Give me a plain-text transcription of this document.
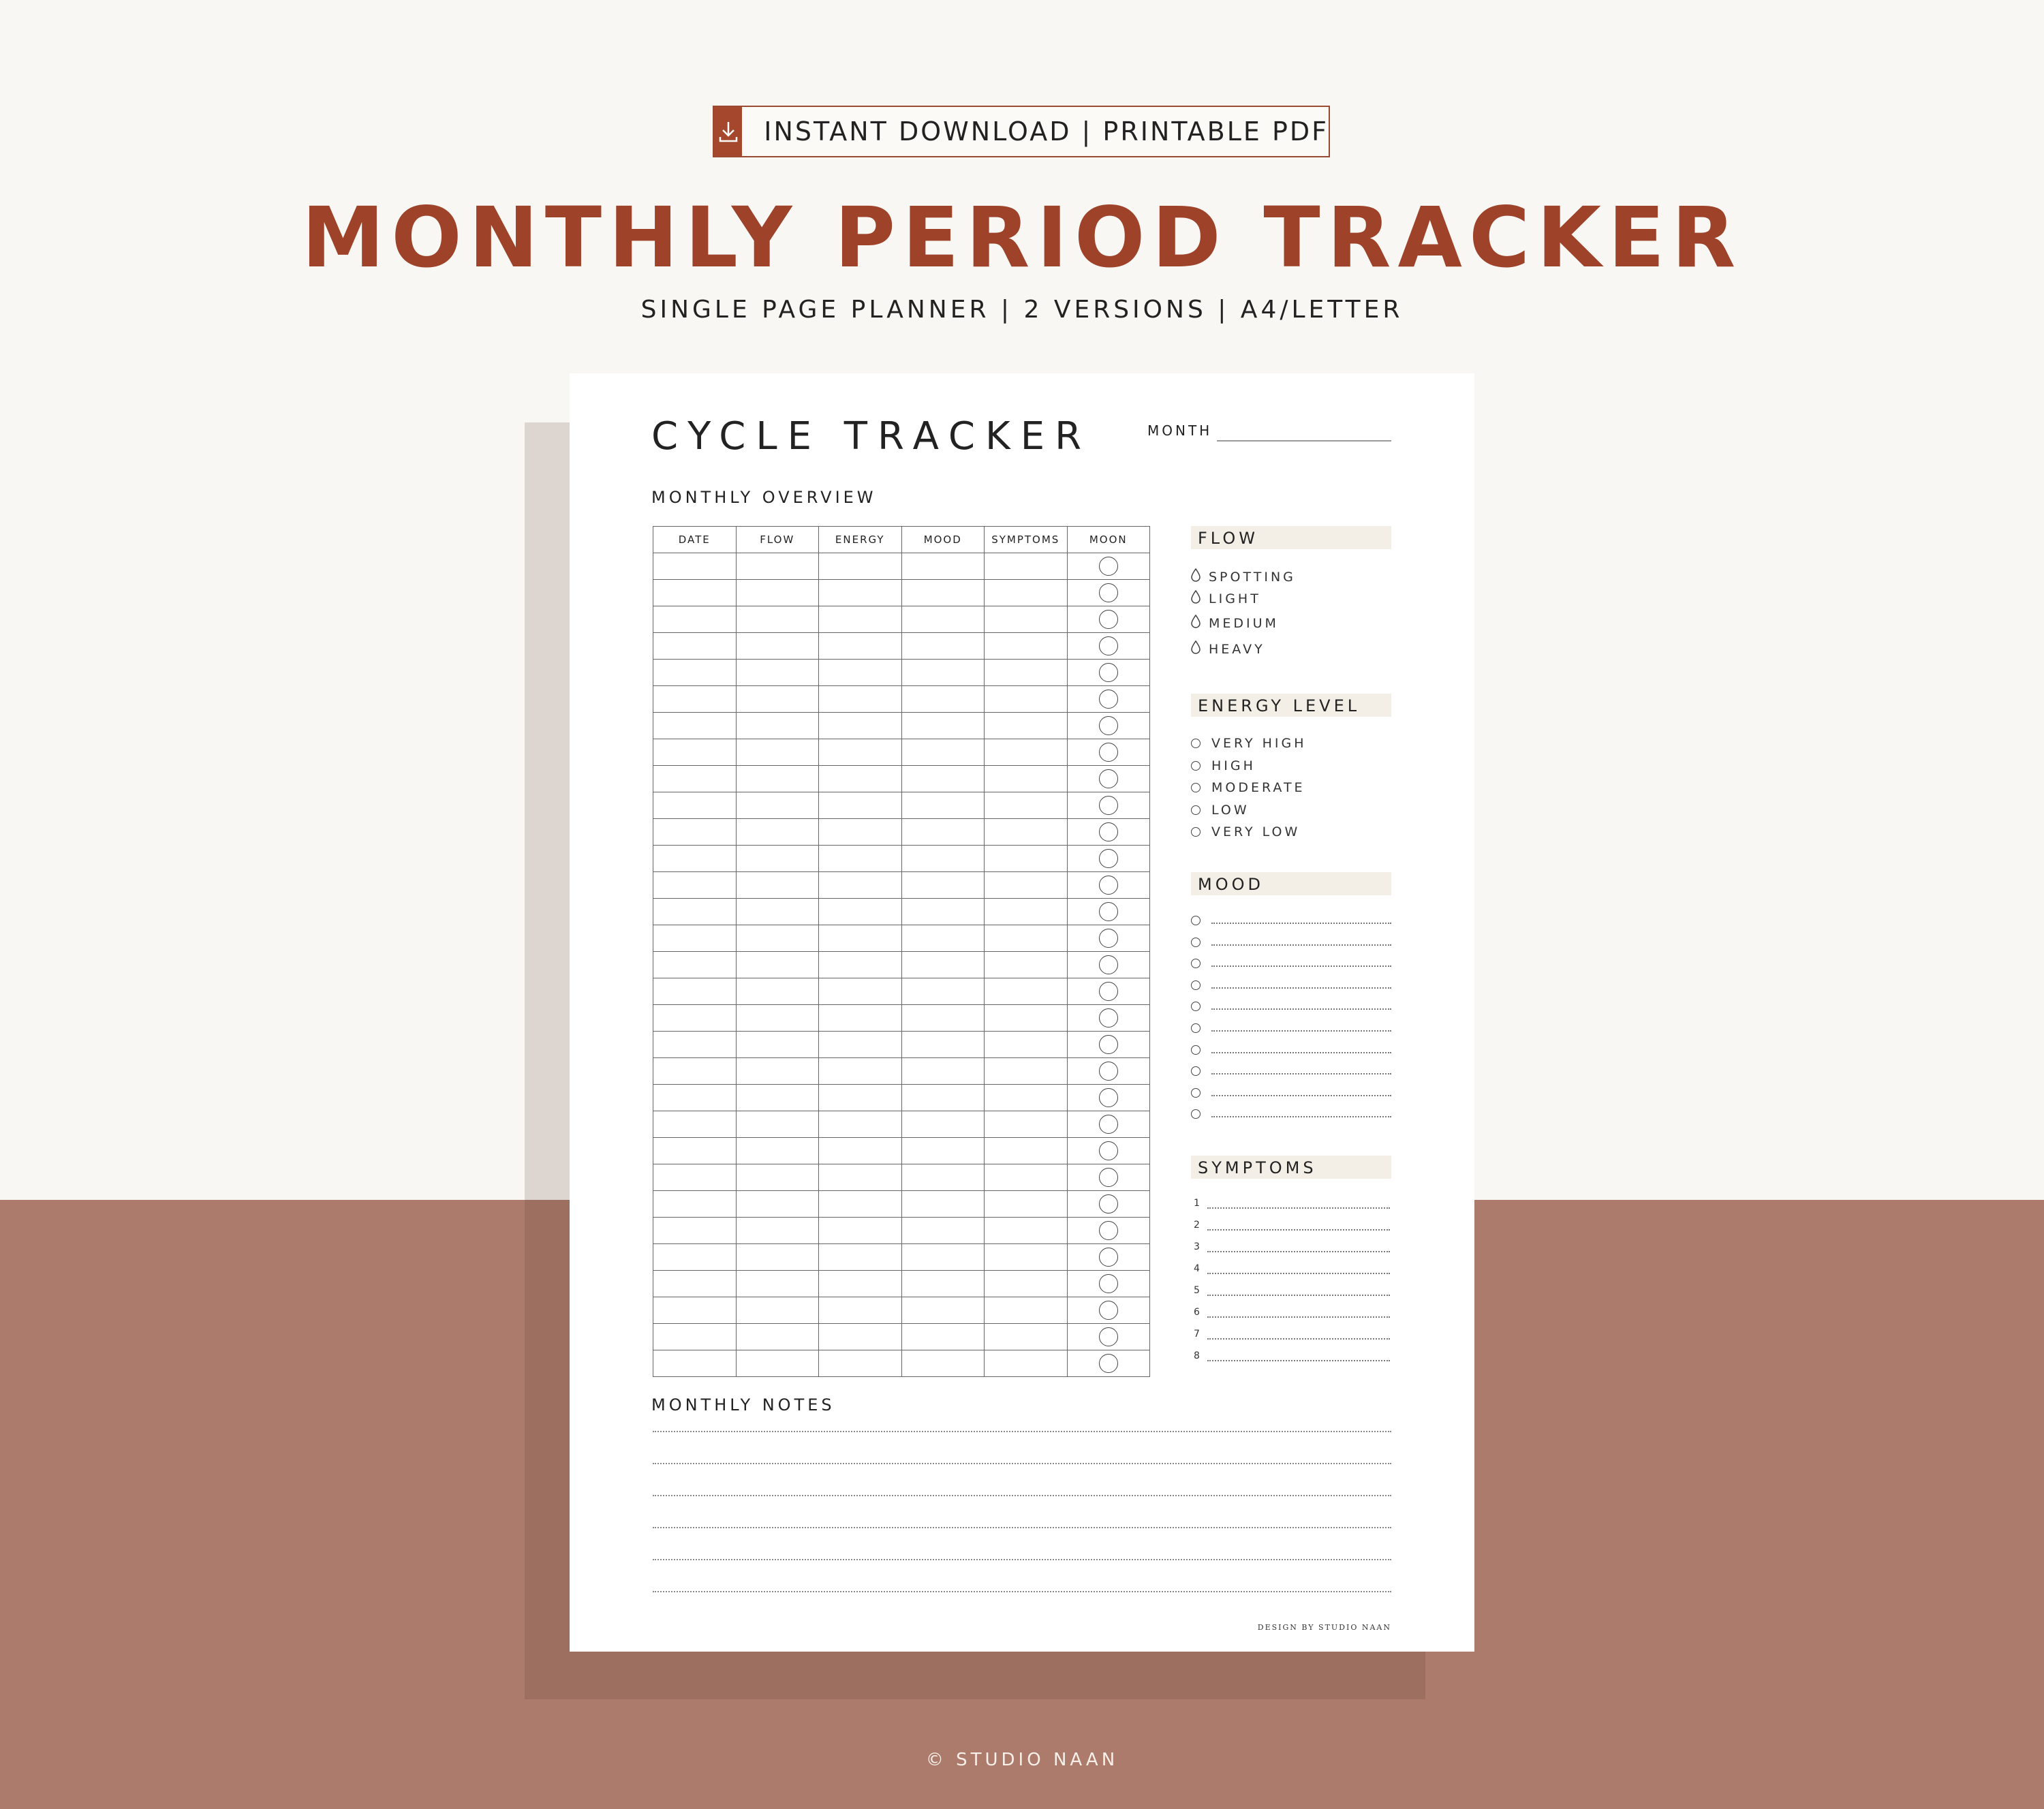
INSTANT DOWNLOAD | PRINTABLE PDF
MONTHLY PERIOD TRACKER
SINGLE PAGE PLANNER | 2 VERSIONS | A4/LETTER
CYCLE TRACKER	MONTH
MONTHLY OVERVIEW
DATE	FLOW	ENERGY	MOOD	SYMPTOMS	MOON

						FLOW
SPOTTING
LIGHT
MEDIUM
HEAVY
ENERGY LEVEL
VERY HIGH
HIGH
MODERATE
LOW
VERY LOW
MOOD
SYMPTOMS
1
2
3
4
5
6
7
8
MONTHLY NOTES
DESIGN BY STUDIO NAAN
© STUDIO NAAN
